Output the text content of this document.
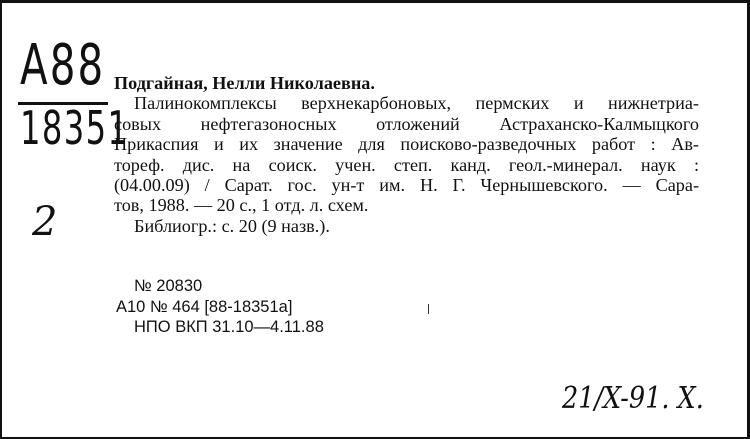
A88
18351
2
Подгайная, Нелли Николаевна.
Палинокомплексы верхнекарбоновых, пермских и нижнетриа-
совых нефтегазоносных отложений Астраханско-Калмыцкого
Прикаспия и их значение для поисково-разведочных работ : Ав-
тореф. дис. на соиск. учен. степ. канд. геол.-минерал. наук :
(04.00.09) / Сарат. гос. ун-т им. Н. Г. Чернышевского. — Сара-
тов, 1988. — 20 с., 1 отд. л. схем.
Библиогр.: с. 20 (9 назв.).
№ 20830
А10 № 464 [88-18351а]
НПО ВКП 31.10—4.11.88
21/X-91. X.
